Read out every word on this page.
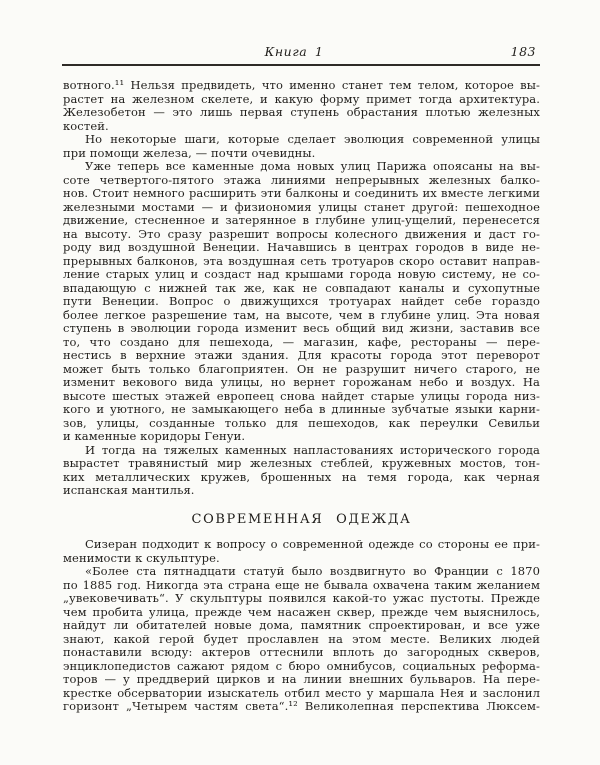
Книга 1	183
вотного.¹¹ Нельзя предвидеть, что именно станет тем телом, которое вы-
растет на железном скелете, и какую форму примет тогда архитектура.
Железобетон — это лишь первая ступень обрастания плотью железных
костей.
Но некоторые шаги, которые сделает эволюция современной улицы
при помощи железа, — почти очевидны.
Уже теперь все каменные дома новых улиц Парижа опоясаны на вы-
соте четвертого-пятого этажа линиями непрерывных железных балко-
нов. Стоит немного расширить эти балконы и соединить их вместе легкими
железными мостами — и физиономия улицы станет другой: пешеходное
движение, стесненное и затерянное в глубине улиц-ущелий, перенесется
на высоту. Это сразу разрешит вопросы колесного движения и даст го-
роду вид воздушной Венеции. Начавшись в центрах городов в виде не-
прерывных балконов, эта воздушная сеть тротуаров скоро оставит направ-
ление старых улиц и создаст над крышами города новую систему, не со-
впадающую с нижней так же, как не совпадают каналы и сухопутные
пути Венеции. Вопрос о движущихся тротуарах найдет себе гораздо
более легкое разрешение там, на высоте, чем в глубине улиц. Эта новая
ступень в эволюции города изменит весь общий вид жизни, заставив все
то, что создано для пешехода, — магазин, кафе, рестораны — пере-
нестись в верхние этажи здания. Для красоты города этот переворот
может быть только благоприятен. Он не разрушит ничего старого, не
изменит векового вида улицы, но вернет горожанам небо и воздух. На
высоте шестых этажей европеец снова найдет старые улицы города низ-
кого и уютного, не замыкающего неба в длинные зубчатые языки карни-
зов, улицы, созданные только для пешеходов, как переулки Севильи
и каменные коридоры Генуи.
И тогда на тяжелых каменных напластованиях исторического города
вырастет травянистый мир железных стеблей, кружевных мостов, тон-
ких металлических кружев, брошенных на темя города, как черная
испанская мантилья.
СОВРЕМЕННАЯ ОДЕЖДА
Сизеран подходит к вопросу о современной одежде со стороны ее при-
менимости к скульптуре.
«Более ста пятнадцати статуй было воздвигнуто во Франции с 1870
по 1885 год. Никогда эта страна еще не бывала охвачена таким желанием
„увековечивать“. У скульптуры появился какой-то ужас пустоты. Прежде
чем пробита улица, прежде чем насажен сквер, прежде чем выяснилось,
найдут ли обитателей новые дома, памятник спроектирован, и все уже
знают, какой герой будет прославлен на этом месте. Великих людей
понаставили всюду: актеров оттеснили вплоть до загородных скверов,
энциклопедистов сажают рядом с бюро омнибусов, социальных реформа-
торов — у преддверий цирков и на линии внешних бульваров. На пере-
крестке обсерватории изыскатель отбил место у маршала Нея и заслонил
горизонт „Четырем частям света“.¹² Великолепная перспектива Люксем-
